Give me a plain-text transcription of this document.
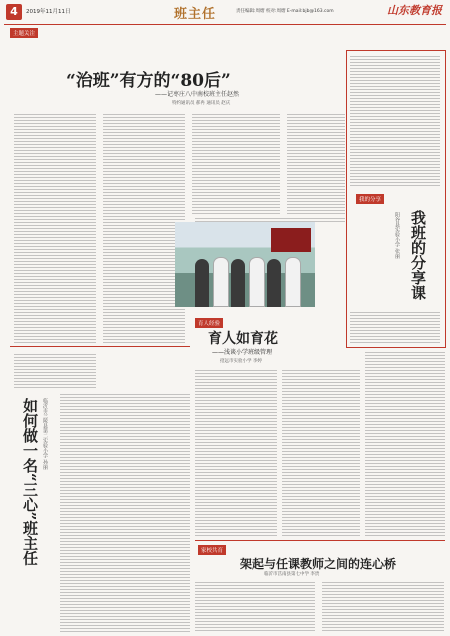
4	2019年11月11日	班主任	责任编辑:周熠 校对:周熠 E-mail:bjb@163.com	山东教育报
主题关注
“治班”有方的“80后”
——记枣庄八中南校班主任赵然
特约通讯员 郝冉 通讯员 赵庆
如何做一名“三心”班主任 临沂市兰陵县第二实验小学 孙丽
我的分享
我班的分享课
阳谷县实验小学 张丽
育人经验
育人如育花
——浅谈小学班级管理
招远市实验小学 李婷
家校共育
架起与任课教师之间的连心桥
临沂市莒南县第七中学 李贵
